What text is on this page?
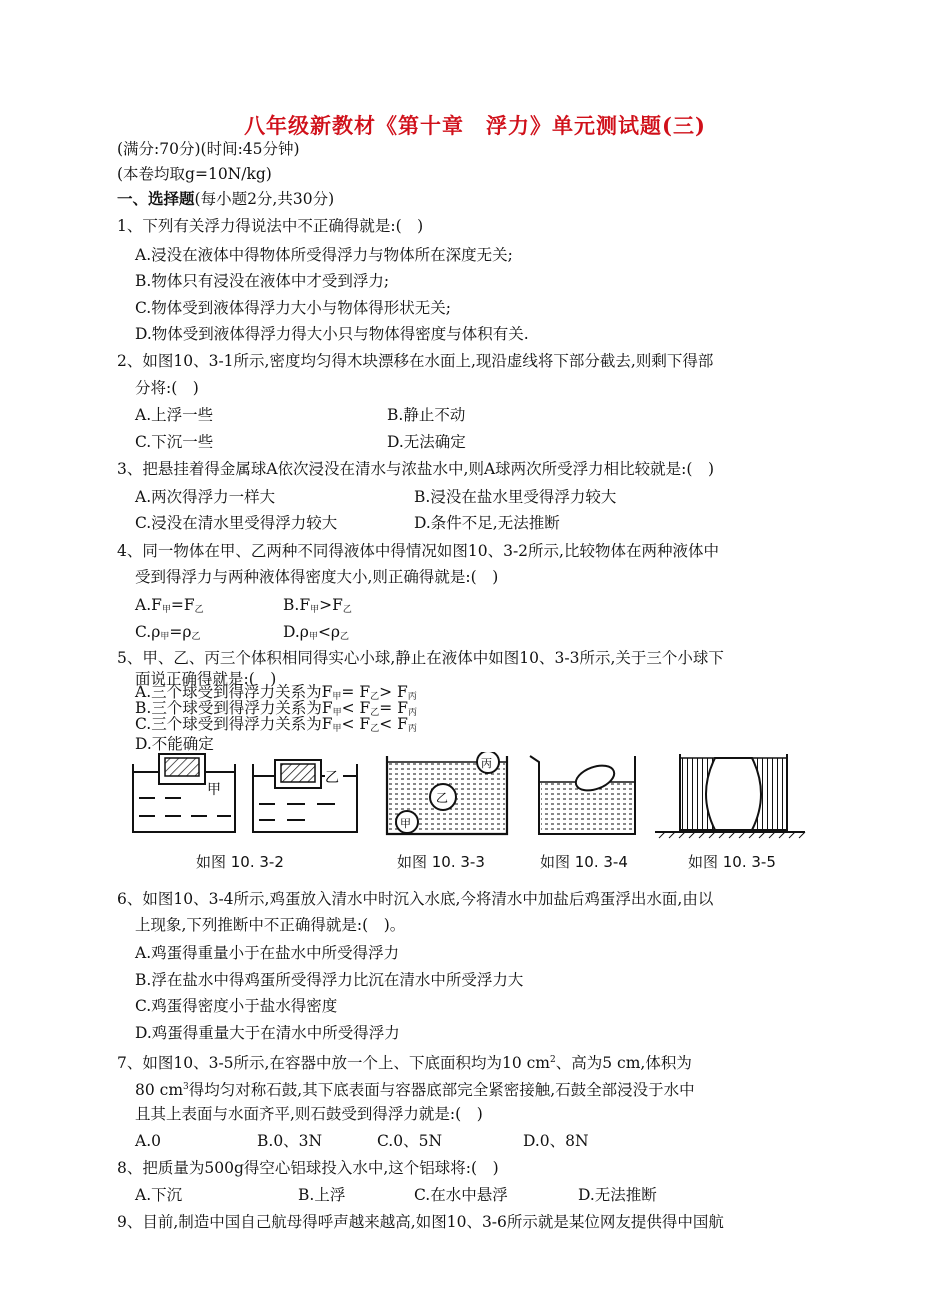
八年级新教材《第十章　浮力》单元测试题(三)
(满分:70分)(时间:45分钟)
(本卷均取g=10N/kg)
一、选择题(每小题2分,共30分)
1、下列有关浮力得说法中不正确得就是:(　)
A.浸没在液体中得物体所受得浮力与物体所在深度无关;
B.物体只有浸没在液体中才受到浮力;
C.物体受到液体得浮力大小与物体得形状无关;
D.物体受到液体得浮力得大小只与物体得密度与体积有关.
2、如图10、3-1所示,密度均匀得木块漂移在水面上,现沿虚线将下部分截去,则剩下得部
分将:(　)
A.上浮一些	B.静止不动
C.下沉一些	D.无法确定
3、把悬挂着得金属球A依次浸没在清水与浓盐水中,则A球两次所受浮力相比较就是:(　)
A.两次得浮力一样大	B.浸没在盐水里受得浮力较大
C.浸没在清水里受得浮力较大	D.条件不足,无法推断
4、同一物体在甲、乙两种不同得液体中得情况如图10、3-2所示,比较物体在两种液体中
受到得浮力与两种液体得密度大小,则正确得就是:(　)
$A.F_甲=F_乙$	$B.F_甲>F_乙$
$C.\rho_甲=\rho_乙$	$D.\rho_甲<\rho_乙$
5、甲、乙、丙三个体积相同得实心小球,静止在液体中如图10、3-3所示,关于三个小球下
面说正确得就是:(　)
A.三个球受到得浮力关系为$F_甲= F_乙> F_丙$
B.三个球受到得浮力关系为$F_甲< F_乙= F_丙$
C.三个球受到得浮力关系为$F_甲< F_乙< F_丙$
D.不能确定
甲
乙
丙
乙
甲
如图 10. 3-2	如图 10. 3-3	如图 10. 3-4	如图 10. 3-5
6、如图10、3-4所示,鸡蛋放入清水中时沉入水底,今将清水中加盐后鸡蛋浮出水面,由以
上现象,下列推断中不正确得就是:(　)。
A.鸡蛋得重量小于在盐水中所受得浮力
B.浮在盐水中得鸡蛋所受得浮力比沉在清水中所受浮力大
C.鸡蛋得密度小于盐水得密度
D.鸡蛋得重量大于在清水中所受得浮力
7、如图10、3-5所示,在容器中放一个上、下底面积均为10 $cm^2$、高为5 cm,体积为
80 $cm^3$得均匀对称石鼓,其下底表面与容器底部完全紧密接触,石鼓全部浸没于水中
且其上表面与水面齐平,则石鼓受到得浮力就是:(　)
A.0	B.0、3N	C.0、5N	D.0、8N
8、把质量为500g得空心铝球投入水中,这个铝球将:(　)
A.下沉	B.上浮	C.在水中悬浮	D.无法推断
9、目前,制造中国自己航母得呼声越来越高,如图10、3-6所示就是某位网友提供得中国航
